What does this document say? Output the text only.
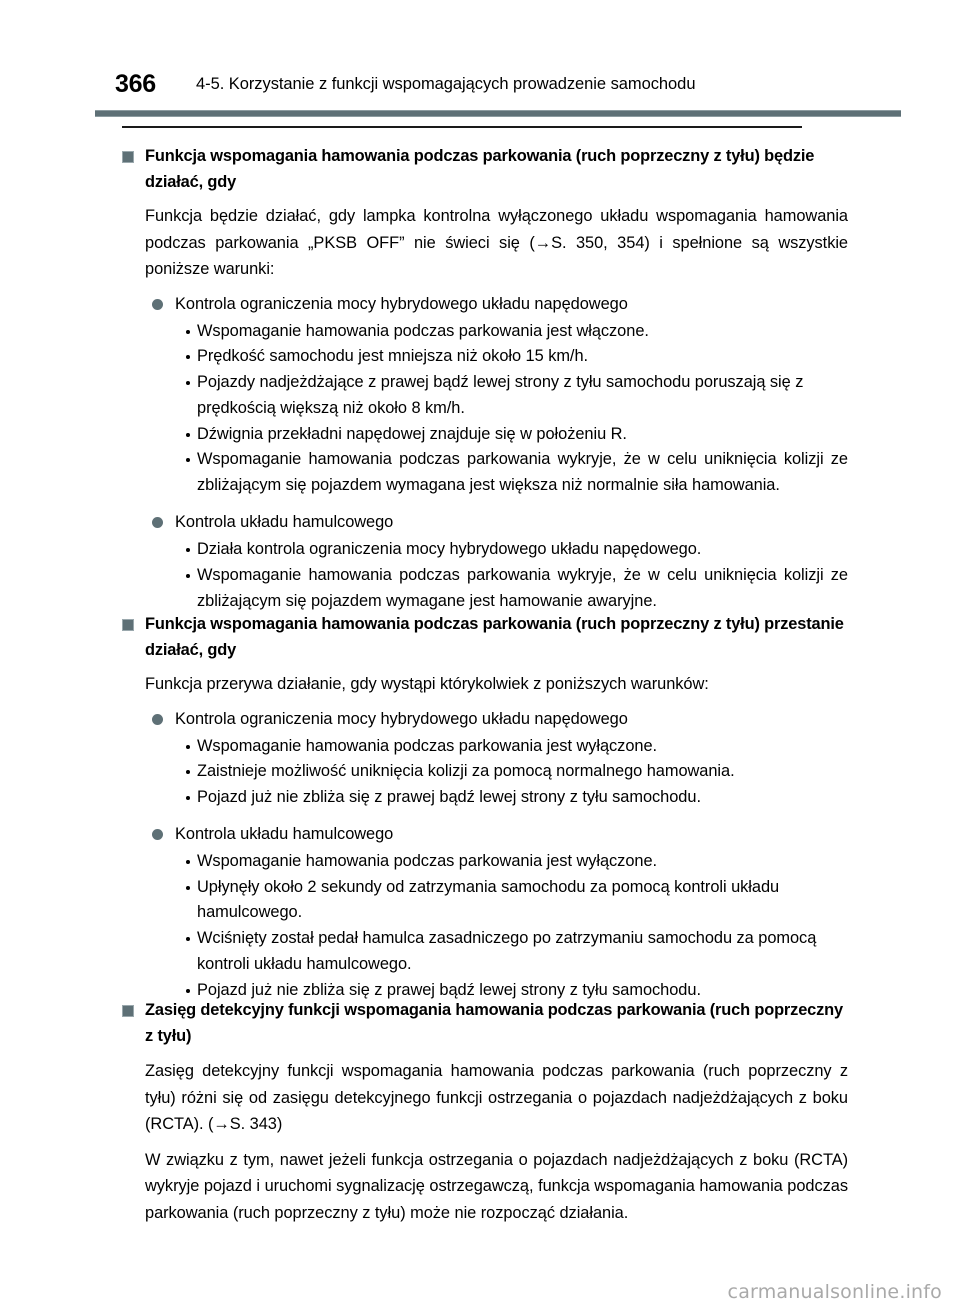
366 4-5. Korzystanie z funkcji wspomagających prowadzenie samochodu
Funkcja wspomagania hamowania podczas parkowania (ruch poprzeczny z tyłu) będzie działać, gdy
Funkcja będzie działać, gdy lampka kontrolna wyłączonego układu wspomagania hamowania podczas parkowania „PKSB OFF” nie świeci się (→S. 350, 354) i spełnione są wszystkie poniższe warunki:
Kontrola ograniczenia mocy hybrydowego układu napędowego
Wspomaganie hamowania podczas parkowania jest włączone.
Prędkość samochodu jest mniejsza niż około 15 km/h.
Pojazdy nadjeżdżające z prawej bądź lewej strony z tyłu samochodu poruszają się z prędkością większą niż około 8 km/h.
Dźwignia przekładni napędowej znajduje się w położeniu R.
Wspomaganie hamowania podczas parkowania wykryje, że w celu uniknięcia kolizji ze zbliżającym się pojazdem wymagana jest większa niż normalnie siła hamowania.
Kontrola układu hamulcowego
Działa kontrola ograniczenia mocy hybrydowego układu napędowego.
Wspomaganie hamowania podczas parkowania wykryje, że w celu uniknięcia kolizji ze zbliżającym się pojazdem wymagane jest hamowanie awaryjne.
Funkcja wspomagania hamowania podczas parkowania (ruch poprzeczny z tyłu) przestanie działać, gdy
Funkcja przerywa działanie, gdy wystąpi którykolwiek z poniższych warunków:
Kontrola ograniczenia mocy hybrydowego układu napędowego
Wspomaganie hamowania podczas parkowania jest wyłączone.
Zaistnieje możliwość uniknięcia kolizji za pomocą normalnego hamowania.
Pojazd już nie zbliża się z prawej bądź lewej strony z tyłu samochodu.
Kontrola układu hamulcowego
Wspomaganie hamowania podczas parkowania jest wyłączone.
Upłynęły około 2 sekundy od zatrzymania samochodu za pomocą kontroli układu hamulcowego.
Wciśnięty został pedał hamulca zasadniczego po zatrzymaniu samochodu za pomocą kontroli układu hamulcowego.
Pojazd już nie zbliża się z prawej bądź lewej strony z tyłu samochodu.
Zasięg detekcyjny funkcji wspomagania hamowania podczas parkowania (ruch poprzeczny z tyłu)
Zasięg detekcyjny funkcji wspomagania hamowania podczas parkowania (ruch poprzeczny z tyłu) różni się od zasięgu detekcyjnego funkcji ostrzegania o pojazdach nadjeżdżających z boku (RCTA). (→S. 343)
W związku z tym, nawet jeżeli funkcja ostrzegania o pojazdach nadjeżdżających z boku (RCTA) wykryje pojazd i uruchomi sygnalizację ostrzegawczą, funkcja wspomagania hamowania podczas parkowania (ruch poprzeczny z tyłu) może nie rozpocząć działania.
carmanualsonline.info
